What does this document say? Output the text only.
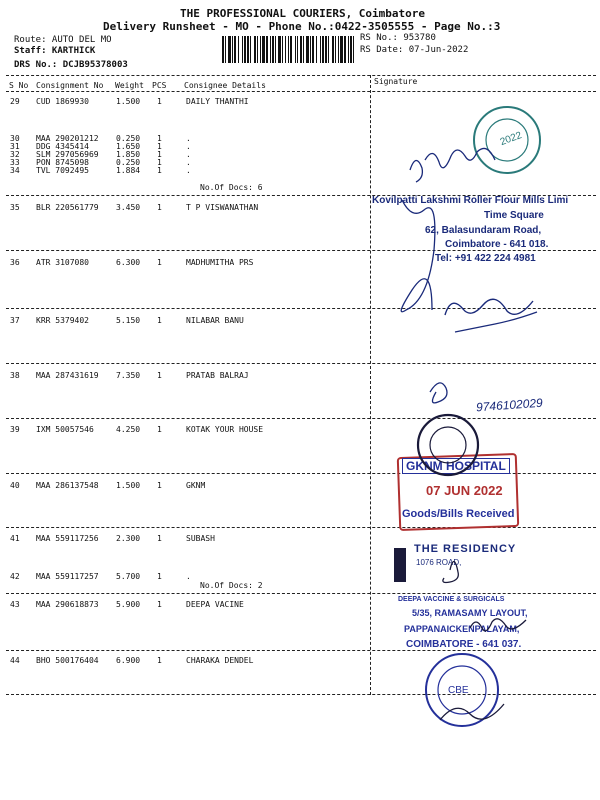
THE PROFESSIONAL COURIERS, Coimbatore
Delivery Runsheet - MO - Phone No.:0422-3505555 - Page No.:3
Route: AUTO DEL MO
Staff: KARTHICK
DRS No.: DCJB95378003
RS No.: 953780
RS Date: 07-Jun-2022
S No Consignment No Weight PCS Consignee Details	Signature
29 CUD 1869930	1.500 1	DAILY THANTHI
30 MAA 290201212 0.250 1	.
31 DDG 4345414	1.650 1	.
32 SLM 297056969 1.850 1	.
33 PON 8745098	0.250 1	.
34 TVL 7092495	1.884 1	.
35 BLR 220561779 3.450 1	T P VISWANATHAN
36 ATR 3107080	6.300 1	MADHUMITHA PRS
37 KRR 5379402	5.150 1	NILABAR BANU
38 MAA 287431619 7.350 1	PRATAB BALRAJ
39 IXM 50057546	4.250 1	KOTAK YOUR HOUSE
40 MAA 286137548 1.500 1	GKNM
41 MAA 559117256 2.300 1	SUBASH
42 MAA 559117257 5.700 1	.
43 MAA 290618873 5.900 1	DEEPA VACINE
44 BHO 500176404 6.900 1	CHARAKA DENDEL
No.Of Docs: 6
No.Of Docs: 2
Kovilpatti Lakshmi Roller Flour Mills Limi
Time Square
62, Balasundaram Road,
Coimbatore - 641 018.
Tel: +91 422 224 4981
9746102029
GKNM HOSPITAL
07 JUN 2022
Goods/Bills Received
THE RESIDENCY
1076 ROAD,
DEEPA VACCINE & SURGICALS
5/35, RAMASAMY LAYOUT,
PAPPANAICKENPALAYAM,
COIMBATORE - 641 037.
2022
CBE
